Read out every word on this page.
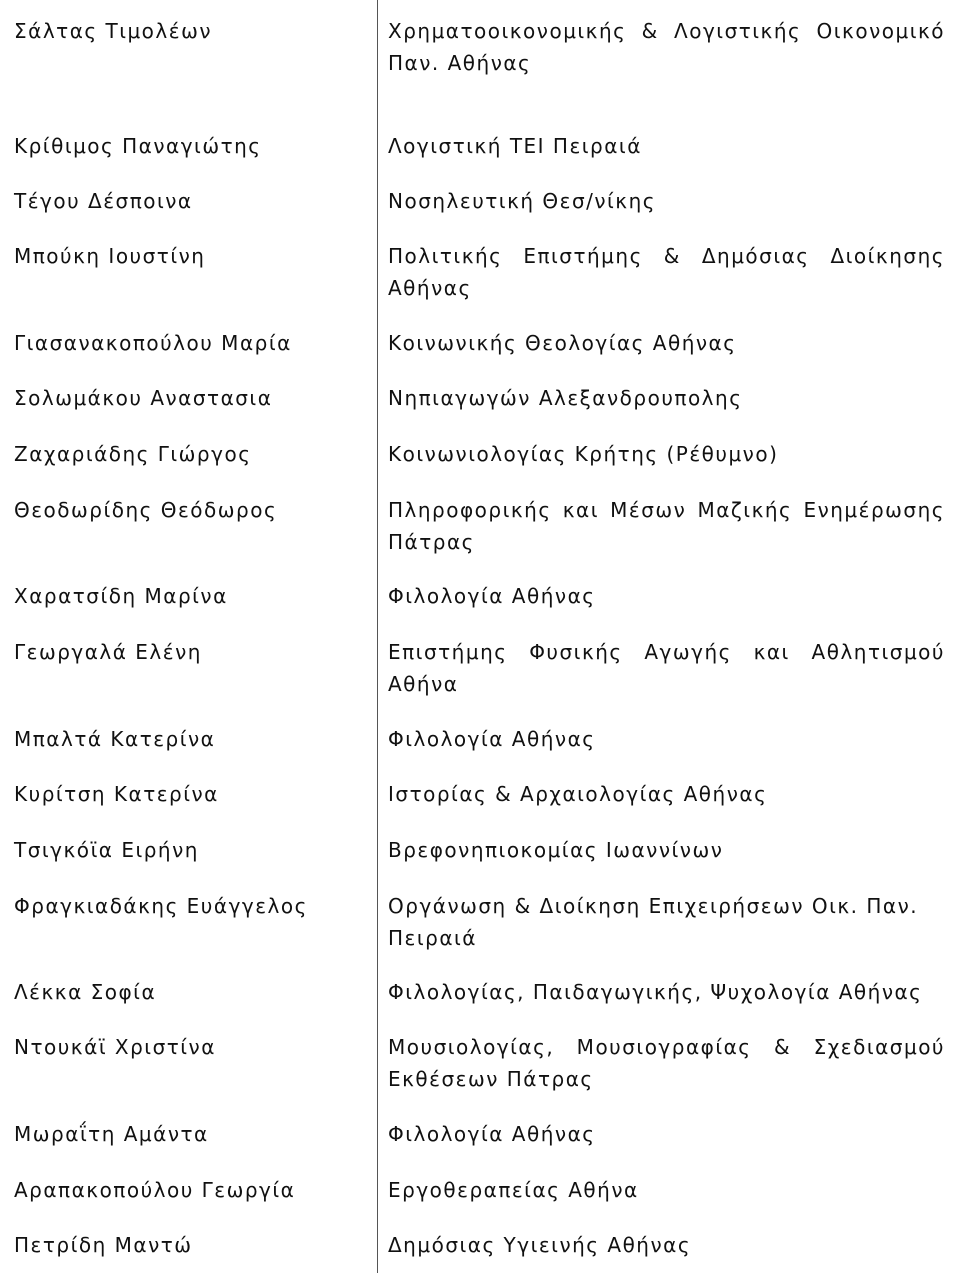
Σάλτας Τιμολέων	Χρηματοοικονομικής & Λογιστικής Οικονομικό Παν. Αθήνας
Κρίθιμος Παναγιώτης	Λογιστική ΤΕΙ Πειραιά
Τέγου Δέσποινα	Νοσηλευτική Θεσ/νίκης
Μπούκη Ιουστίνη	Πολιτικής Επιστήμης & Δημόσιας Διοίκησης Αθήνας
Γιασανακοπούλου Μαρία	Κοινωνικής Θεολογίας Αθήνας
Σολωμάκου Αναστασια	Νηπιαγωγών Αλεξανδρουπολης
Ζαχαριάδης Γιώργος	Κοινωνιολογίας Κρήτης (Ρέθυμνο)
Θεοδωρίδης Θεόδωρος	Πληροφορικής και Μέσων Μαζικής Ενημέρωσης Πάτρας
Χαρατσίδη Μαρίνα	Φιλολογία Αθήνας
Γεωργαλά Ελένη	Επιστήμης Φυσικής Αγωγής και Αθλητισμού Αθήνα
Μπαλτά Κατερίνα	Φιλολογία Αθήνας
Κυρίτση Κατερίνα	Ιστορίας & Αρχαιολογίας Αθήνας
Τσιγκόϊα Ειρήνη	Βρεφονηπιοκομίας Ιωαννίνων
Φραγκιαδάκης Ευάγγελος	Οργάνωση & Διοίκηση Επιχειρήσεων Οικ. Παν. Πειραιά
Λέκκα Σοφία	Φιλολογίας, Παιδαγωγικής, Ψυχολογία Αθήνας
Ντουκάϊ Χριστίνα	Μουσιολογίας, Μουσιογραφίας & Σχεδιασμού Εκθέσεων Πάτρας
Μωραΐτη Αμάντα	Φιλολογία Αθήνας
Αραπακοπούλου Γεωργία	Εργοθεραπείας Αθήνα
Πετρίδη Μαντώ	Δημόσιας Υγιεινής Αθήνας
